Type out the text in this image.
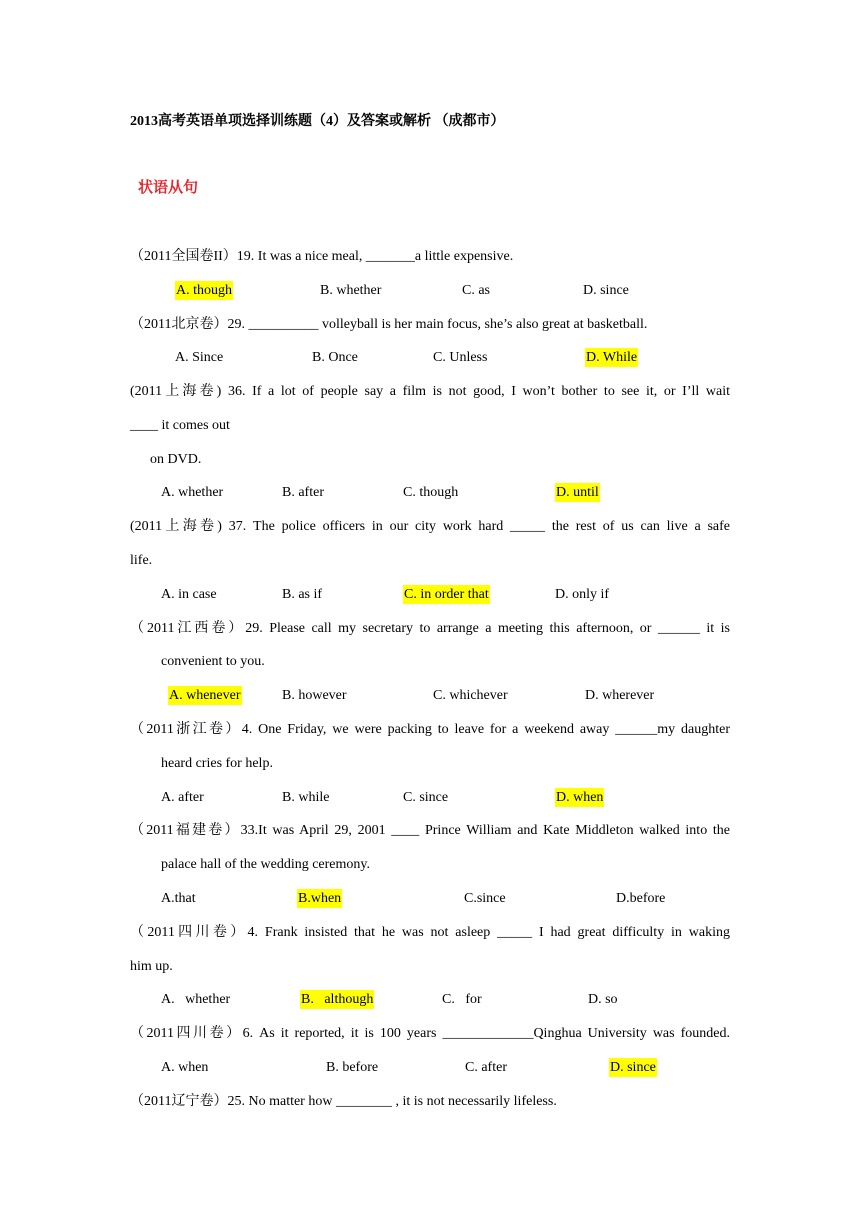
2013高考英语单项选择训练题（4）及答案或解析 （成都市）
状语从句
（2011全国卷II）19. It was a nice meal, _______a little expensive.
A. though	B. whether	C. as	D. since
（2011北京卷）29. __________ volleyball is her main focus, she’s also great at basketball.
A. Since	B. Once	C. Unless	D. While
(2011上海卷) 36. If a lot of people say a film is not good, I won’t bother to see it, or I’ll wait
____ it comes out
on DVD.
A. whether	B. after	C. though	D. until
(2011上海卷) 37. The police officers in our city work hard _____ the rest of us can live a safe
life.
A. in case	B. as if	C. in order that	D. only if
（2011江西卷）29. Please call my secretary to arrange a meeting this afternoon, or ______ it is
convenient to you.
A. whenever	B. however	C. whichever	D. wherever
（2011浙江卷）4. One Friday, we were packing to leave for a weekend away ______my daughter
heard cries for help.
A. after	B. while	C. since	D. when
（2011福建卷）33.It was April 29, 2001 ____ Prince William and Kate Middleton walked into the
palace hall of the wedding ceremony.
A.that	B.when	C.since	D.before
（2011四川卷）4. Frank insisted that he was not asleep _____ I had great difficulty in waking
him up.
A.   whether	B.   although	C.   for	D. so
（2011四川卷）6. As it reported, it is 100 years _____________Qinghua University was founded.
A. when	B. before	C. after	D. since
（2011辽宁卷）25. No matter how ________ , it is not necessarily lifeless.
